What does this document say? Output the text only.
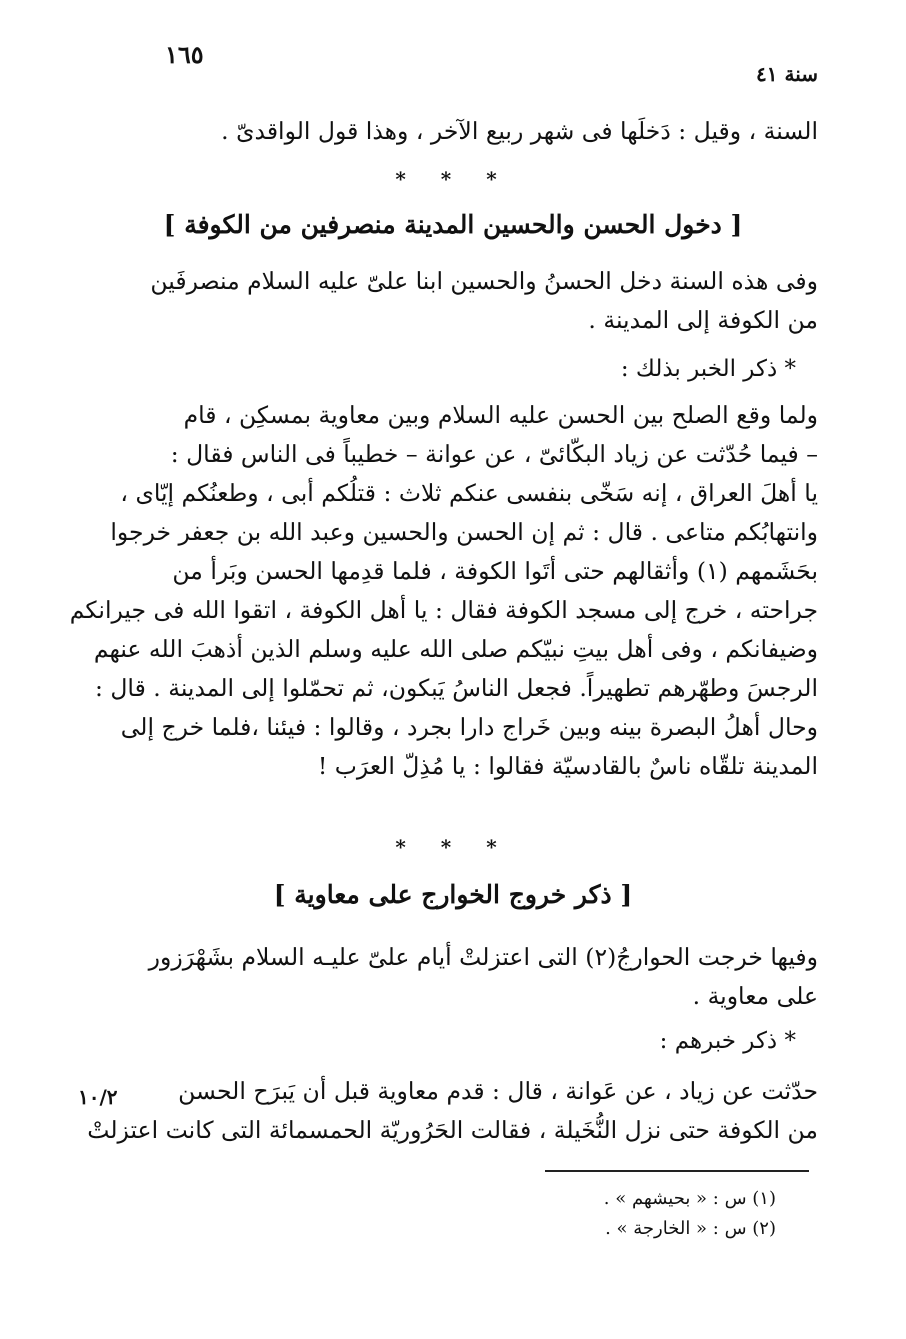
١٦٥
سنة ٤١
السنة ، وقيل : دَخلَها فى شهر ربيع الآخر ، وهذا قول الواقدىّ .
* * *
[ دخول الحسن والحسين المدينة منصرفين من الكوفة ]
وفى هذه السنة دخل الحسنُ والحسين ابنا علىّ عليه السلام منصرفَين
من الكوفة إلى المدينة .
* ذكر الخبر بذلك :
ولما وقع الصلح بين الحسن عليه السلام وبين معاوية بمسكِن ، قام
– فيما حُدّثت عن زياد البكّائىّ ، عن عوانة – خطيباً فى الناس فقال :
يا أهلَ العراق ، إنه سَخّى بنفسى عنكم ثلاث : قتلُكم أبى ، وطعنُكم إيّاى ،
وانتهابُكم متاعى . قال : ثم إن الحسن والحسين وعبد الله بن جعفر خرجوا
بحَشَمهم (١) وأثقالهم حتى أتَوا الكوفة ، فلما قدِمها الحسن وبَرأ من
جراحته ، خرج إلى مسجد الكوفة فقال : يا أهل الكوفة ، اتقوا الله فى جيرانكم
وضيفانكم ، وفى أهل بيتِ نبيّكم صلى الله عليه وسلم الذين أذهبَ الله عنهم
الرجسَ وطهّرهم تطهيراً. فجعل الناسُ يَبكون، ثم تحمّلوا إلى المدينة . قال :
وحال أهلُ البصرة بينه وبين خَراج دارا بجرد ، وقالوا : فيئنا ،فلما خرج إلى
المدينة تلقّاه ناسٌ بالقادسيّة فقالوا : يا مُذِلّ العرَب !
* * *
[ ذكر خروج الخوارج على معاوية ]
وفيها خرجت الحوارجُ(٢) التى اعتزلتْ أيام علىّ عليـه السلام بشَهْرَزور
على معاوية .
* ذكر خبرهم :
حدّثت عن زياد ، عن عَوانة ، قال : قدم معاوية قبل أن يَبرَح الحسن
من الكوفة حتى نزل النُّخَيلة ، فقالت الحَرُوريّة الحمسمائة التى كانت اعتزلتْ
١٠/٢
(١) س : « بحيشهم » .
(٢) س : « الخارجة » .
